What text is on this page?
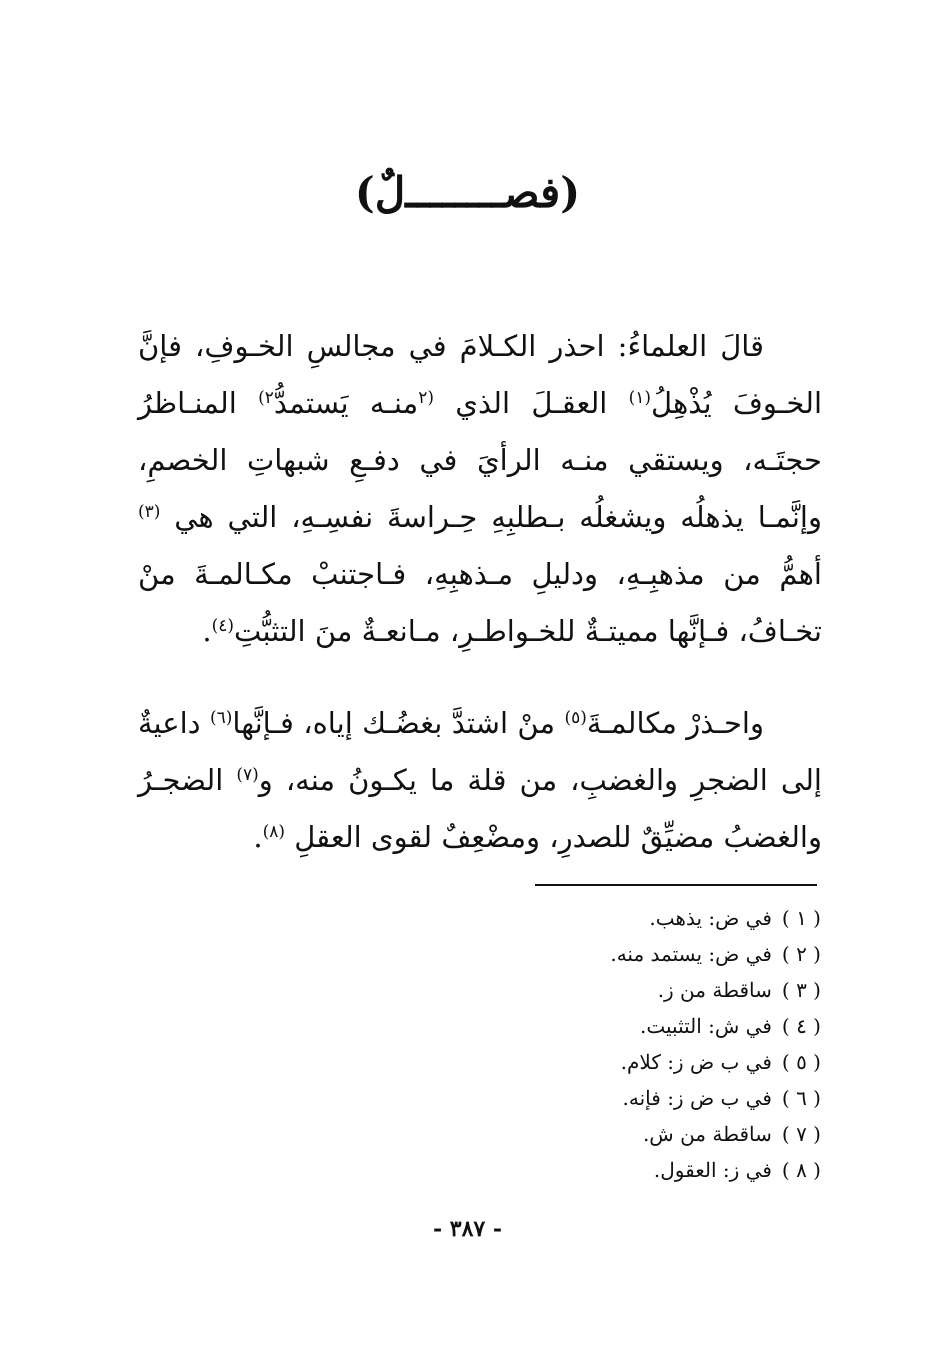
(فصــــــــلٌ)

قالَ العلماءُ: احذر الكـلامَ في مجالسِ الخـوفِ، فإنَّ الخـوفَ يُذْهِلُ$^{(١)}$ العقـلَ الذي $^{(٢}$منـه يَستمدُّ$^{٢)}$ المنـاظرُ حجتَـه، ويستقي منـه الرأيَ في دفـعِ شبهاتِ الخصمِ، وإنَّمـا يذهلُه ويشغلُه بـطلبِهِ حِـراسةَ نفسِـهِ، التي هي $^{(٣)}$ أهمُّ من مذهبِـهِ، ودليلِ مـذهبِهِ، فـاجتنبْ مكـالمـةَ منْ تخـافُ، فـإنَّها مميتـةٌ للخـواطـرِ، مـانعـةٌ منَ التثبُّتِ$^{(٤)}$.

واحـذرْ مكالمـةَ$^{(٥)}$ منْ اشتدَّ بغضُـك إياه، فـإنَّها$^{(٦)}$ داعيةٌ إلى الضجرِ والغضبِ، من قلة ما يكـونُ منه، و$^{(٧)}$ الضجـرُ والغضبُ مضيِّقٌ للصدرِ، ومضْعِفٌ لقوى العقلِ $^{(٨)}$.

( ١ )في ض: يذهب.
( ٢ )في ض: يستمد منه.
( ٣ )ساقطة من ز.
( ٤ )في ش: التثبيت.
( ٥ )في ب ض ز: كلام.
( ٦ )في ب ض ز: فإنه.
( ٧ )ساقطة من ش.
( ٨ )في ز: العقول.
- ٣٨٧ -
